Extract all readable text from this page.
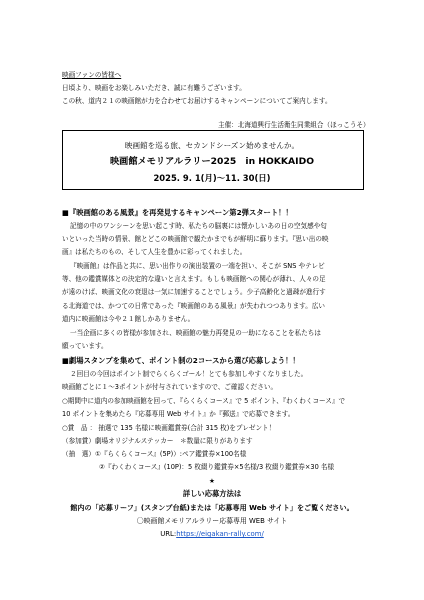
映画ファンの皆様へ
日頃より、映画をお楽しみいただき、誠に有難うございます。
この秋、道内２１の映画館が力を合わせてお届けするキャンペーンについてご案内します。
主催：北海道興行生活衛生同業組合（ほっこうそ）
映画館を巡る旅、セカンドシーズン始めませんか。
映画館メモリアルラリー2025　in HOKKAIDO
2025. 9. 1(月)～11. 30(日)
■『映画館のある風景』を再発見するキャンペーン第2弾スタート！！
記憶の中のワンシーンを思い起こす時、私たちの脳裏には懐かしいあの日の空気感や匂
いといった当時の情景、館とどこの映画館で観たかまでもが鮮明に蘇ります。『思い出の映
画』は私たちのもの、そして人生を豊かに彩ってくれました。
『映画館』は作品と共に、思い出作りの演出装置の一端を担い、そこが SNS やテレビ
等、他の鑑賞媒体との決定的な違いと言えます。もしも映画館への関心が薄れ、人々の足
が遠のけば、映画文化の衰退は一気に加速することでしょう。少子高齢化と過疎が進行す
る北海道では、かつての日常であった『映画館のある風景』が失われつつあります。広い
道内に映画館は今や２１館しかありません。
一当企画に多くの皆様が参加され、映画館の魅力再発見の一助になることを私たちは
願っています。
■劇場スタンプを集めて、ポイント制の2コースから選び応募しよう！！
２回目の今回はポイント制でらくらくゴール！とても参加しやすくなりました。
映画館ごとに１～3ポイントが付与されていますので、ご確認ください。
○期間中に道内の参加映画館を回って、『らくらくコース』で 5 ポイント、『わくわくコース』で
10 ポイントを集めたら『応募専用 Web サイト』か『郵送』で応募できます。
○賞　品 ： 抽選で 135 名様に映画鑑賞券(合計 315 枚)をプレゼント！
（参加賞）劇場オリジナルステッカー　＊数量に限りがあります
（抽　選）①『らくらくコース』(5P)）:ペア鑑賞券×100名様
②『わくわくコース』(10P)：5 枚綴り鑑賞券×5名様/3 枚綴り鑑賞券×30 名様
★
詳しい応募方法は
館内の「応募リーフ」(スタンプ台紙)または「応募専用 Web サイト」をご覧ください。
〇映画館メモリアルラリー応募専用 WEB サイト
URL:https://eigakan-rally.com/
